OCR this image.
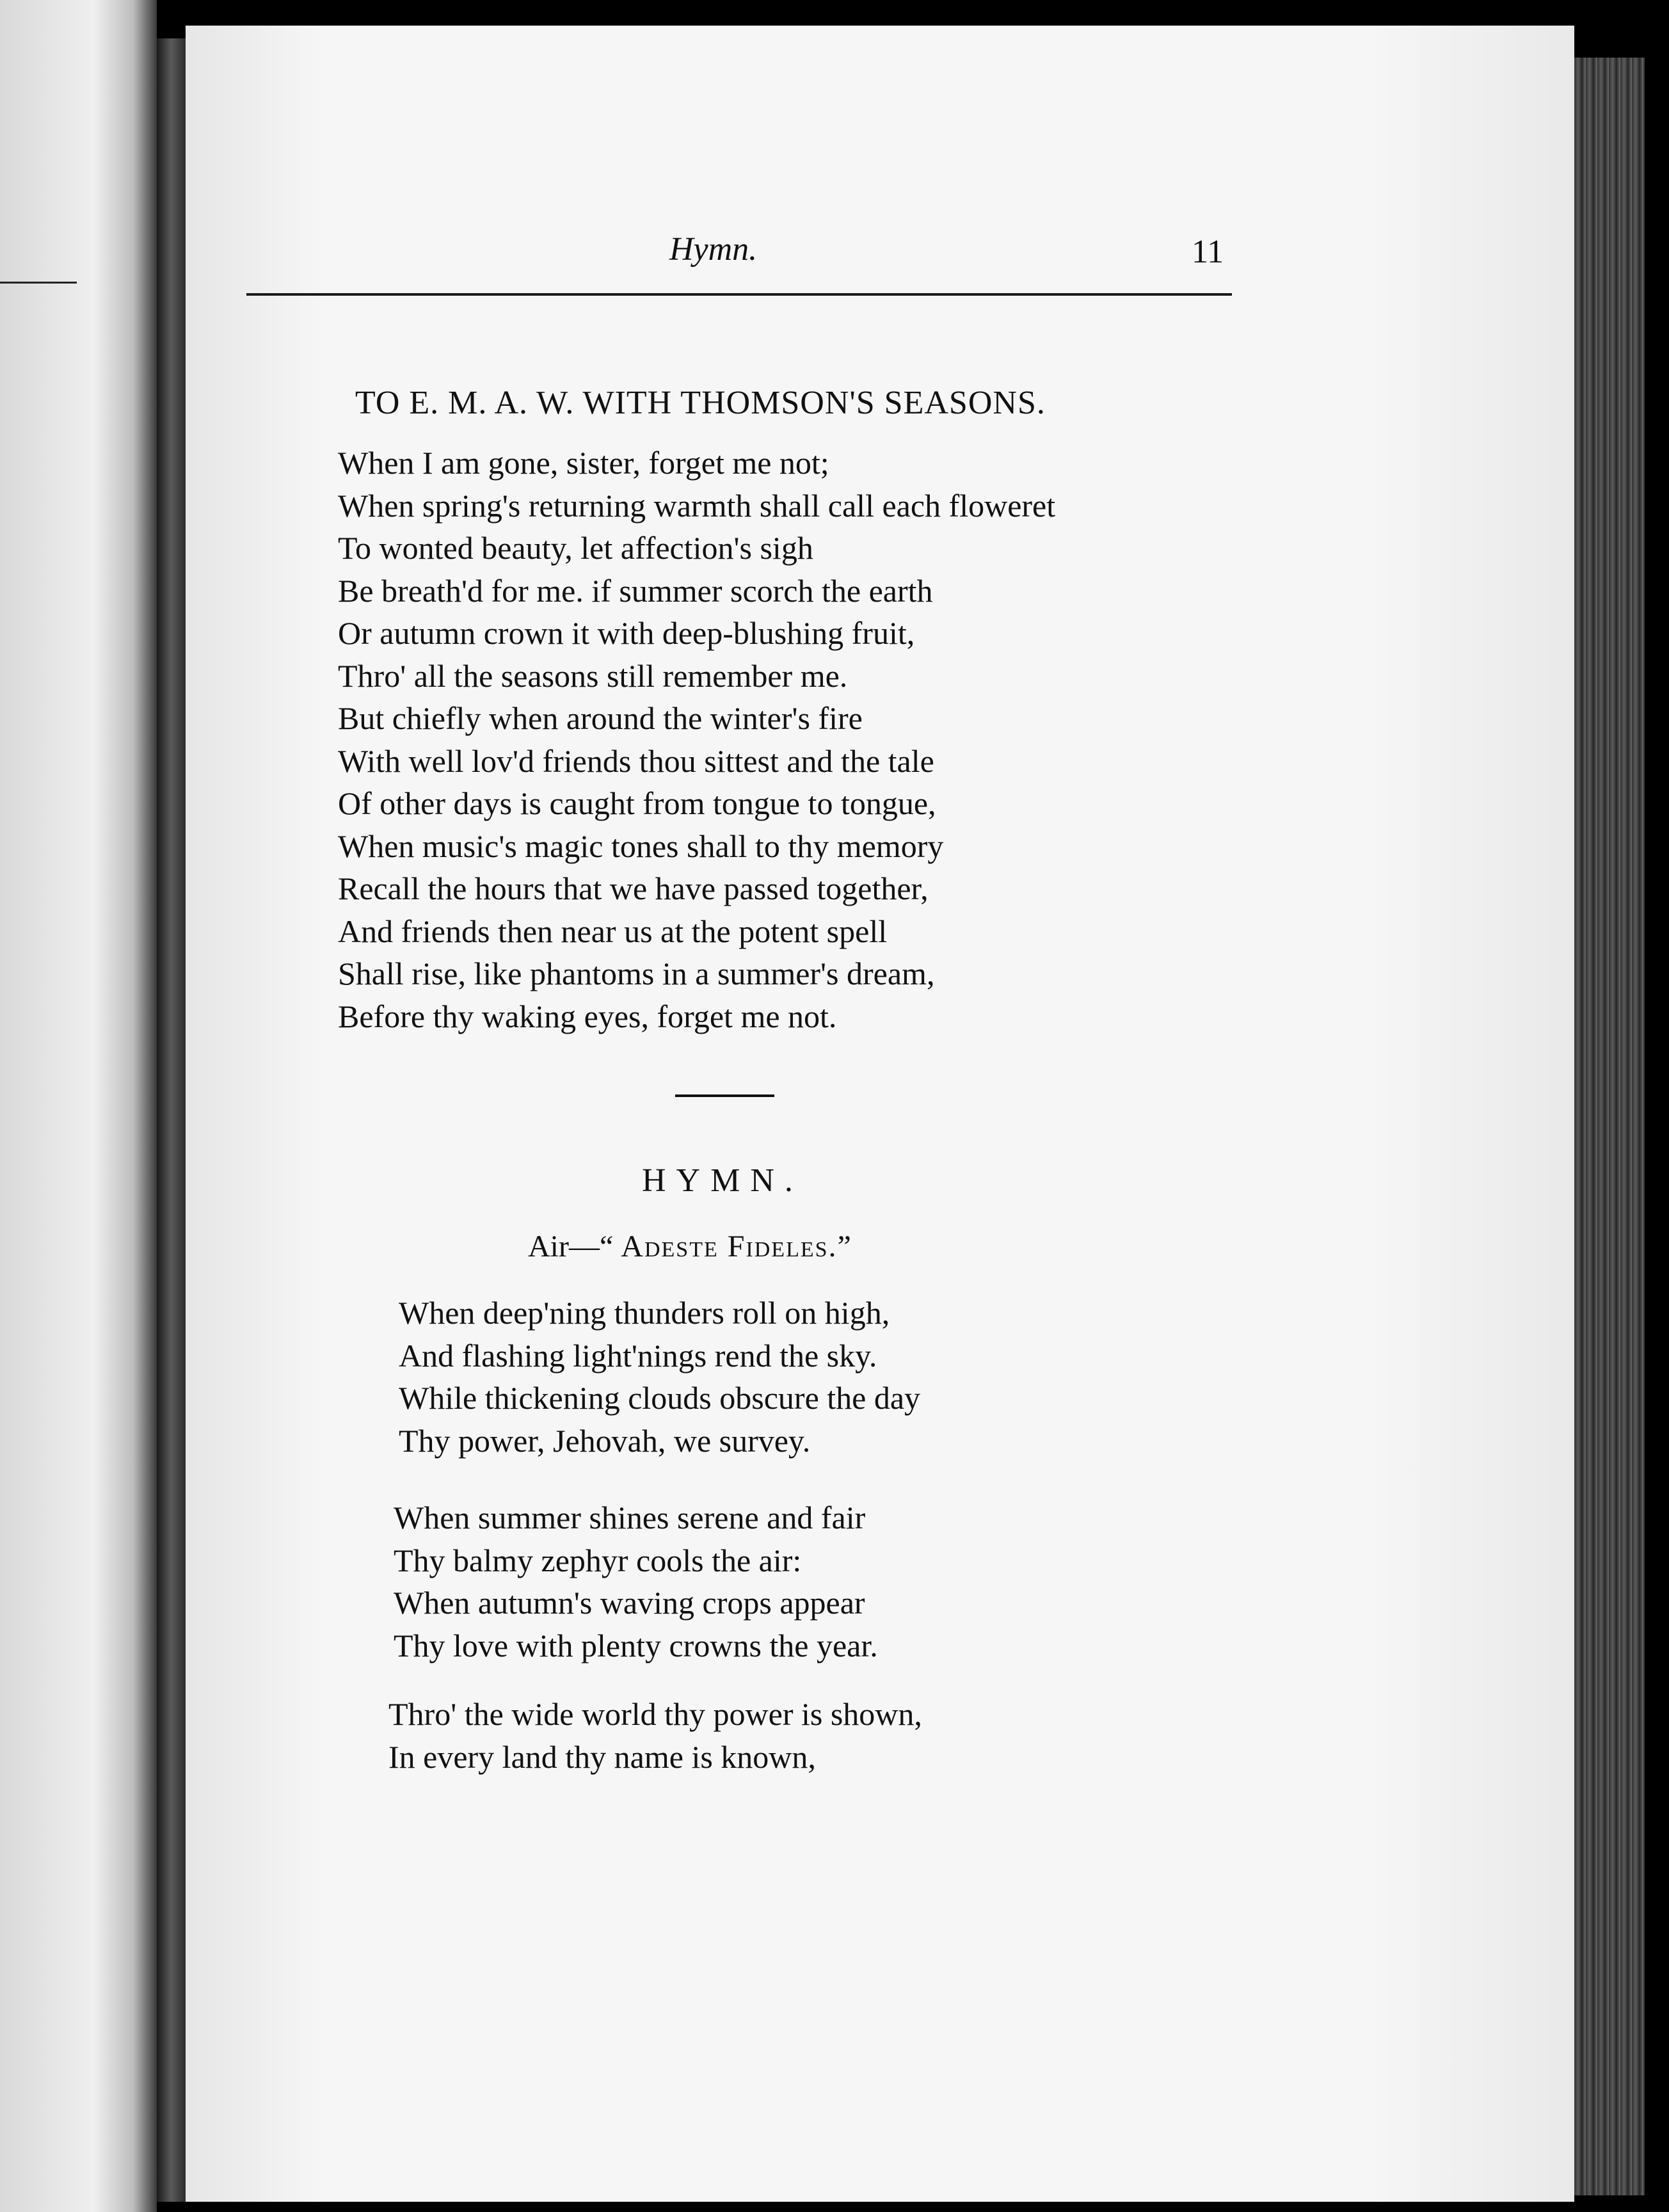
Hymn.	11
TO E. M. A. W. WITH THOMSON'S SEASONS.
When I am gone, sister, forget me not;
When spring's returning warmth shall call each floweret
To wonted beauty, let affection's sigh
Be breath'd for me. if summer scorch the earth
Or autumn crown it with deep-blushing fruit,
Thro' all the seasons still remember me.
But chiefly when around the winter's fire
With well lov'd friends thou sittest and the tale
Of other days is caught from tongue to tongue,
When music's magic tones shall to thy memory
Recall the hours that we have passed together,
And friends then near us at the potent spell
Shall rise, like phantoms in a summer's dream,
Before thy waking eyes, forget me not.
HYMN.
Air—“ Adeste Fideles.”
When deep'ning thunders roll on high,
And flashing light'nings rend the sky.
While thickening clouds obscure the day
Thy power, Jehovah, we survey.
When summer shines serene and fair
Thy balmy zephyr cools the air:
When autumn's waving crops appear
Thy love with plenty crowns the year.
Thro' the wide world thy power is shown,
In every land thy name is known,
